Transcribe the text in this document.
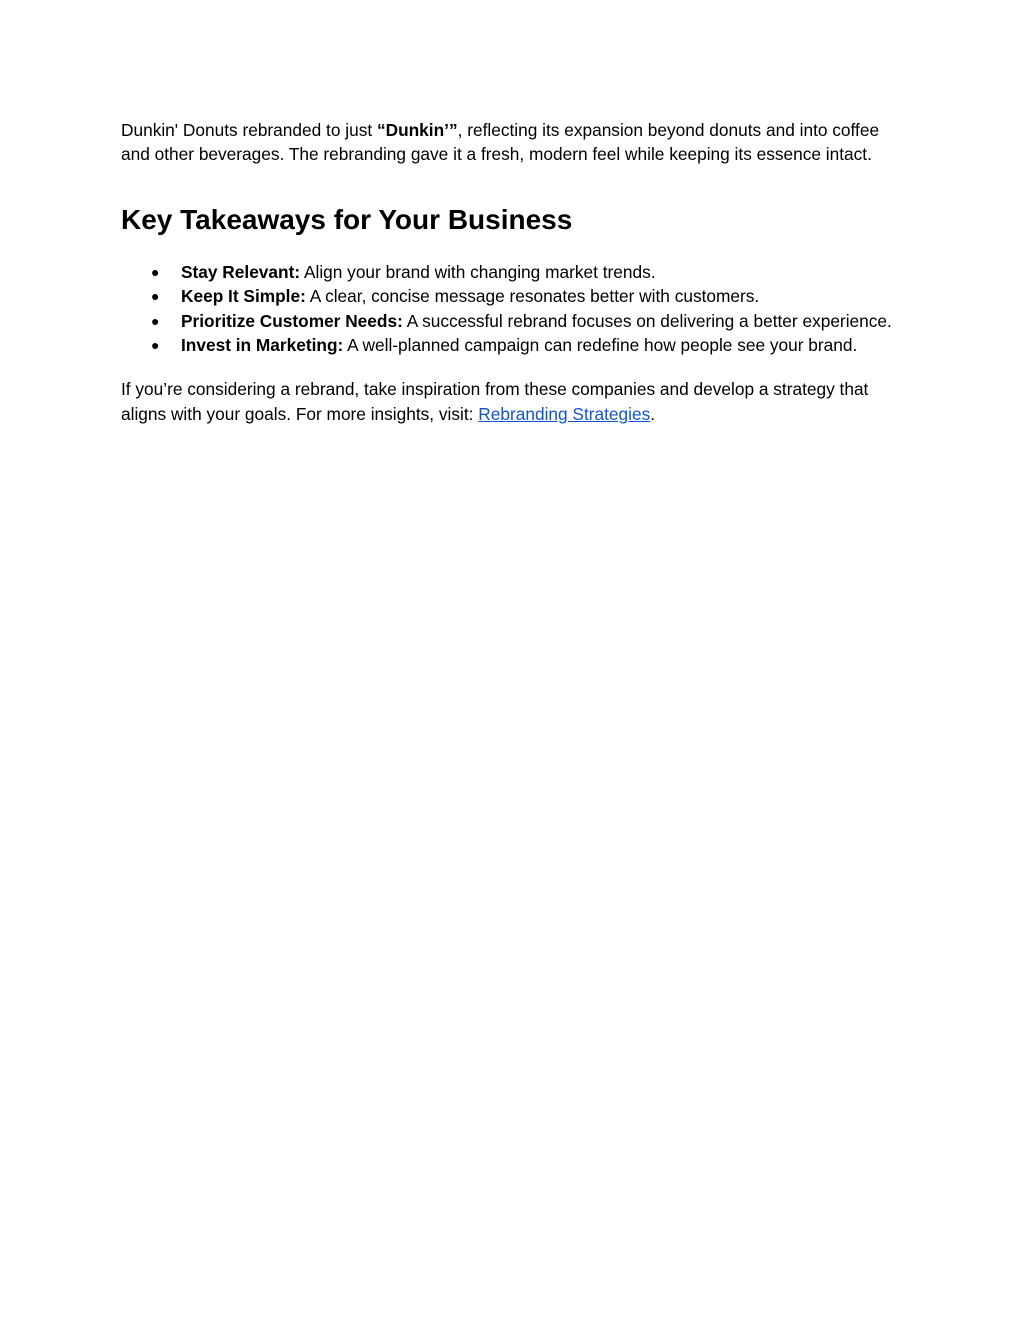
Dunkin' Donuts rebranded to just “Dunkin’”, reflecting its expansion beyond donuts and into coffee and other beverages. The rebranding gave it a fresh, modern feel while keeping its essence intact.

Key Takeaways for Your Business
● Stay Relevant: Align your brand with changing market trends.
● Keep It Simple: A clear, concise message resonates better with customers.
● Prioritize Customer Needs: A successful rebrand focuses on delivering a better experience.
● Invest in Marketing: A well-planned campaign can redefine how people see your brand.

If you’re considering a rebrand, take inspiration from these companies and develop a strategy that aligns with your goals. For more insights, visit: Rebranding Strategies.
